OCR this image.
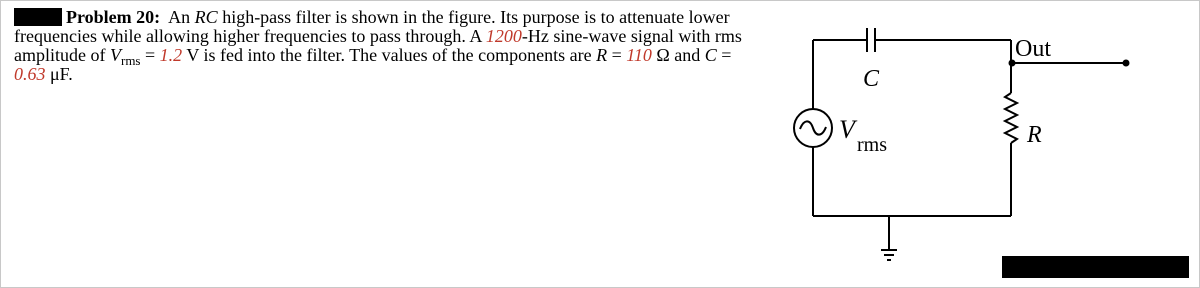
Problem 20: An RC high-pass filter is shown in the figure. Its purpose is to attenuate lower frequencies while allowing higher frequencies to pass through. A 1200-Hz sine-wave signal with rms amplitude of $V_{rms} = 1.2$ V is fed into the filter. The values of the components are R = 110 Ω and C = 0.63 μF.	C
Out
R
V
rms
